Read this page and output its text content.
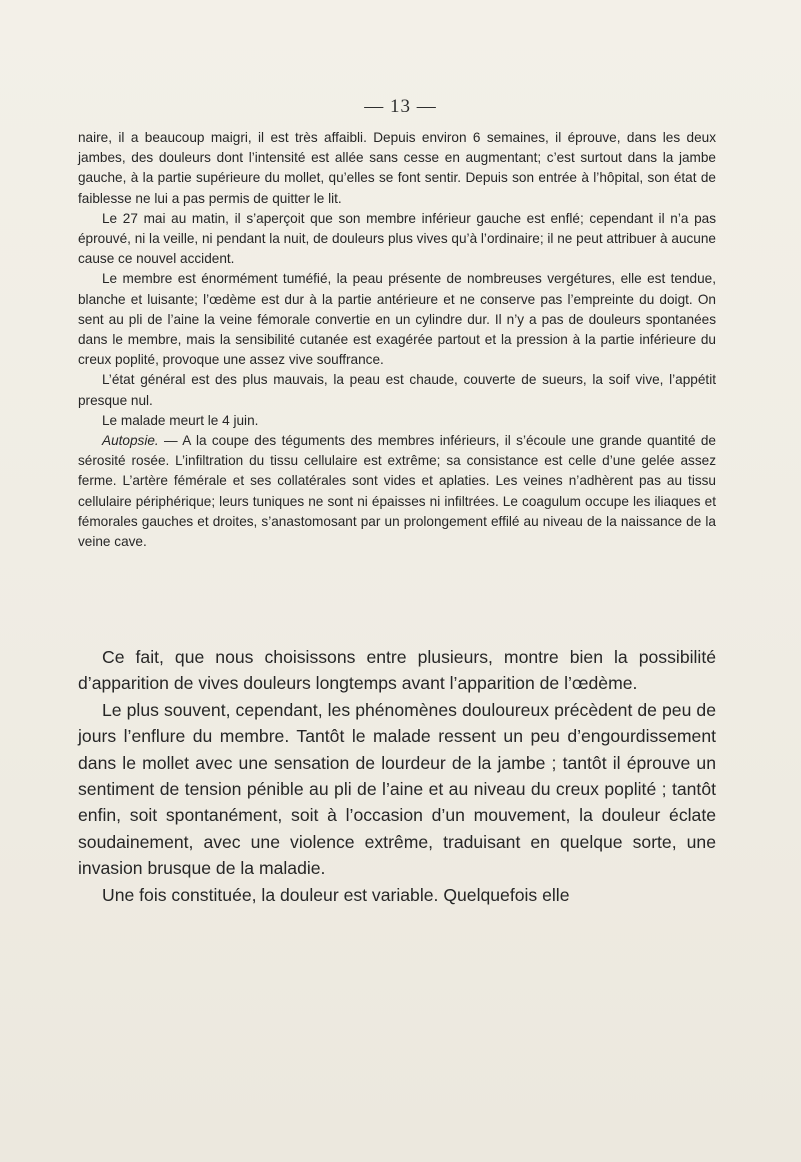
— 13 —

naire, il a beaucoup maigri, il est très affaibli. Depuis environ 6 semaines, il éprouve, dans les deux jambes, des douleurs dont l’intensité est allée sans cesse en augmentant; c’est surtout dans la jambe gauche, à la partie supérieure du mollet, qu’elles se font sentir. Depuis son entrée à l’hôpital, son état de faiblesse ne lui a pas permis de quitter le lit.

Le 27 mai au matin, il s’aperçoit que son membre inférieur gauche est enflé; cependant il n’a pas éprouvé, ni la veille, ni pendant la nuit, de douleurs plus vives qu’à l’ordinaire; il ne peut attribuer à aucune cause ce nouvel accident.

Le membre est énormément tuméfié, la peau présente de nombreuses vergétures, elle est tendue, blanche et luisante; l’œdème est dur à la partie antérieure et ne conserve pas l’empreinte du doigt. On sent au pli de l’aine la veine fémorale convertie en un cylindre dur. Il n’y a pas de douleurs spontanées dans le membre, mais la sensibilité cutanée est exagérée partout et la pression à la partie inférieure du creux poplité, provoque une assez vive souffrance.

L’état général est des plus mauvais, la peau est chaude, couverte de sueurs, la soif vive, l’appétit presque nul.

Le malade meurt le 4 juin.

Autopsie. — A la coupe des téguments des membres inférieurs, il s’écoule une grande quantité de sérosité rosée. L’infiltration du tissu cellulaire est extrême; sa consistance est celle d’une gelée assez ferme. L’artère fémérale et ses collatérales sont vides et aplaties. Les veines n’adhèrent pas au tissu cellulaire périphérique; leurs tuniques ne sont ni épaisses ni infiltrées. Le coagulum occupe les iliaques et fémorales gauches et droites, s’anastomosant par un prolongement effilé au niveau de la naissance de la veine cave.

Ce fait, que nous choisissons entre plusieurs, montre bien la possibilité d’apparition de vives douleurs longtemps avant l’apparition de l’œdème.

Le plus souvent, cependant, les phénomènes douloureux précèdent de peu de jours l’enflure du membre. Tantôt le malade ressent un peu d’engourdissement dans le mollet avec une sensation de lourdeur de la jambe ; tantôt il éprouve un sentiment de tension pénible au pli de l’aine et au niveau du creux poplité ; tantôt enfin, soit spontanément, soit à l’occasion d’un mouvement, la douleur éclate soudainement, avec une violence extrême, traduisant en quelque sorte, une invasion brusque de la maladie.

Une fois constituée, la douleur est variable. Quelquefois elle
